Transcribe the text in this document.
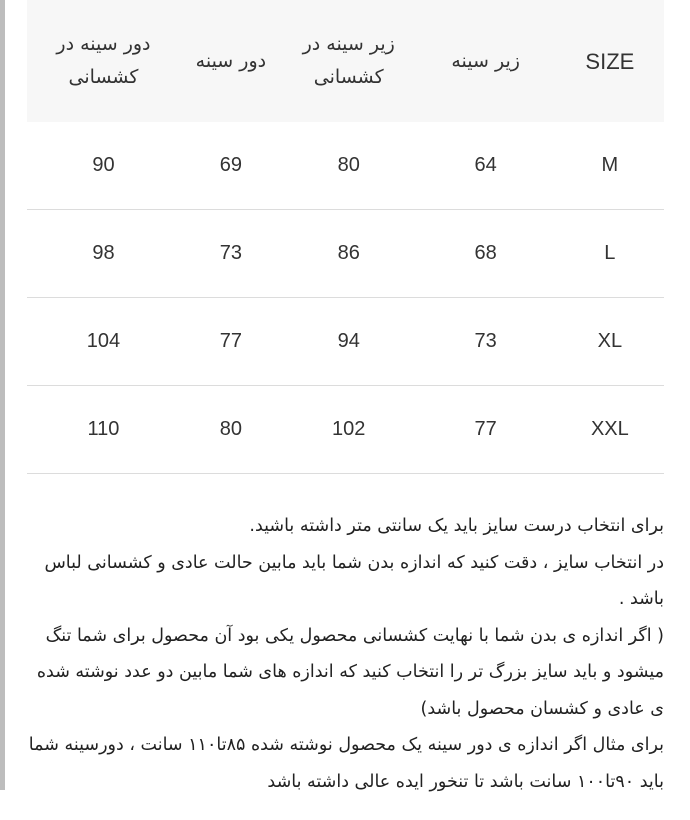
SIZE	زیر سینه	زیر سینه در کشسانی	دور سینه	دور سینه در کشسانی
M	64	80	69	90
L	68	86	73	98
XL	73	94	77	104
XXL	77	102	80	110

برای انتخاب درست سایز باید یک سانتی متر داشته باشید.

در انتخاب سایز ، دقت کنید که اندازه بدن شما باید مابین حالت عادی و کشسانی لباس باشد .

( اگر اندازه ی بدن شما با نهایت کشسانی محصول یکی بود آن محصول برای شما تنگ میشود و باید سایز بزرگ تر را انتخاب کنید که اندازه های شما مابین دو عدد نوشته شده ی عادی و کشسان محصول باشد)

برای مثال اگر اندازه ی دور سینه یک محصول نوشته شده ۸۵تا۱۱۰ سانت ، دورسینه شما باید ۹۰تا۱۰۰ سانت باشد تا تنخور ایده عالی داشته باشد
